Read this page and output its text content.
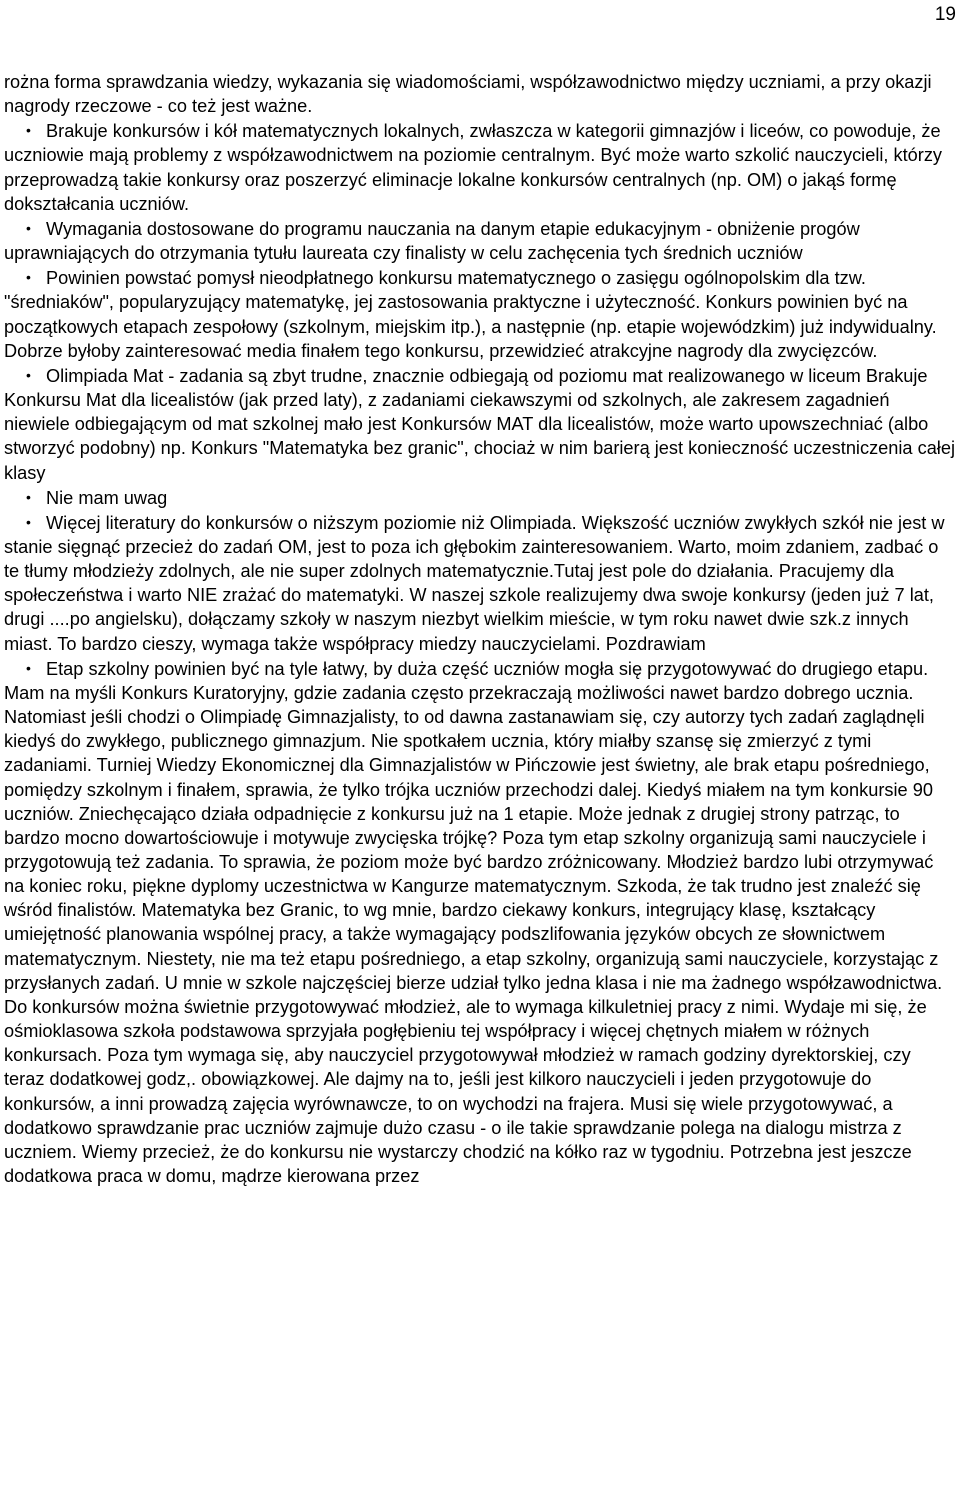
19

rożna forma sprawdzania wiedzy, wykazania się wiadomościami, współzawodnictwo między uczniami, a przy okazji nagrody rzeczowe - co też jest ważne.

• Brakuje konkursów i kół matematycznych lokalnych, zwłaszcza w kategorii gimnazjów i liceów, co powoduje, że uczniowie mają problemy z współzawodnictwem na poziomie centralnym. Być może warto szkolić nauczycieli, którzy przeprowadzą takie konkursy oraz poszerzyć eliminacje lokalne konkursów centralnych (np. OM) o jakąś formę dokształcania uczniów.

• Wymagania dostosowane do programu nauczania na danym etapie edukacyjnym - obniżenie progów uprawniających do otrzymania tytułu laureata czy finalisty w celu zachęcenia tych średnich uczniów

• Powinien powstać pomysł nieodpłatnego konkursu matematycznego o zasięgu ogólnopolskim dla tzw. "średniaków", popularyzujący matematykę, jej zastosowania praktyczne i użyteczność. Konkurs powinien być na początkowych etapach zespołowy (szkolnym, miejskim itp.), a następnie (np. etapie wojewódzkim) już indywidualny. Dobrze byłoby zainteresować media finałem tego konkursu, przewidzieć atrakcyjne nagrody dla zwycięzców.

• Olimpiada Mat - zadania są zbyt trudne, znacznie odbiegają od poziomu mat realizowanego w liceum Brakuje Konkursu Mat dla licealistów (jak przed laty), z zadaniami ciekawszymi od szkolnych, ale zakresem zagadnień niewiele odbiegającym od mat szkolnej mało jest Konkursów MAT dla licealistów, może warto upowszechniać (albo stworzyć podobny) np. Konkurs "Matematyka bez granic", chociaż w nim barierą jest konieczność uczestniczenia całej klasy

• Nie mam uwag

• Więcej literatury do konkursów o niższym poziomie niż Olimpiada. Większość uczniów zwykłych szkół nie jest w stanie sięgnąć przecież do zadań OM, jest to poza ich głębokim zainteresowaniem. Warto, moim zdaniem, zadbać o te tłumy młodzieży zdolnych, ale nie super zdolnych matematycznie.Tutaj jest pole do działania. Pracujemy dla społeczeństwa i warto NIE zrażać do matematyki. W naszej szkole realizujemy dwa swoje konkursy (jeden już 7 lat, drugi ....po angielsku), dołączamy szkoły w naszym niezbyt wielkim mieście, w tym roku nawet dwie szk.z innych miast. To bardzo cieszy, wymaga także współpracy miedzy nauczycielami. Pozdrawiam

• Etap szkolny powinien być na tyle łatwy, by duża część uczniów mogła się przygotowywać do drugiego etapu. Mam na myśli Konkurs Kuratoryjny, gdzie zadania często przekraczają możliwości nawet bardzo dobrego ucznia. Natomiast jeśli chodzi o Olimpiadę Gimnazjalisty, to od dawna zastanawiam się, czy autorzy tych zadań zaglądnęli kiedyś do zwykłego, publicznego gimnazjum. Nie spotkałem ucznia, który miałby szansę się zmierzyć z tymi zadaniami. Turniej Wiedzy Ekonomicznej dla Gimnazjalistów w Pińczowie jest świetny, ale brak etapu pośredniego, pomiędzy szkolnym i finałem, sprawia, że tylko trójka uczniów przechodzi dalej. Kiedyś miałem na tym konkursie 90 uczniów. Zniechęcająco działa odpadnięcie z konkursu już na 1 etapie. Może jednak z drugiej strony patrząc, to bardzo mocno dowartościowuje i motywuje zwycięska trójkę? Poza tym etap szkolny organizują sami nauczyciele i przygotowują też zadania. To sprawia, że poziom może być bardzo zróżnicowany. Młodzież bardzo lubi otrzymywać na koniec roku, piękne dyplomy uczestnictwa w Kangurze matematycznym. Szkoda, że tak trudno jest znaleźć się wśród finalistów. Matematyka bez Granic, to wg mnie, bardzo ciekawy konkurs, integrujący klasę, kształcący umiejętność planowania wspólnej pracy, a także wymagający podszlifowania języków obcych ze słownictwem matematycznym. Niestety, nie ma też etapu pośredniego, a etap szkolny, organizują sami nauczyciele, korzystając z przysłanych zadań. U mnie w szkole najczęściej bierze udział tylko jedna klasa i nie ma żadnego współzawodnictwa. Do konkursów można świetnie przygotowywać młodzież, ale to wymaga kilkuletniej pracy z nimi. Wydaje mi się, że ośmioklasowa szkoła podstawowa sprzyjała pogłębieniu tej współpracy i więcej chętnych miałem w różnych konkursach. Poza tym wymaga się, aby nauczyciel przygotowywał młodzież w ramach godziny dyrektorskiej, czy teraz dodatkowej godz,. obowiązkowej. Ale dajmy na to, jeśli jest kilkoro nauczycieli i jeden przygotowuje do konkursów, a inni prowadzą zajęcia wyrównawcze, to on wychodzi na frajera. Musi się wiele przygotowywać, a dodatkowo sprawdzanie prac uczniów zajmuje dużo czasu - o ile takie sprawdzanie polega na dialogu mistrza z uczniem. Wiemy przecież, że do konkursu nie wystarczy chodzić na kółko raz w tygodniu. Potrzebna jest jeszcze dodatkowa praca w domu, mądrze kierowana przez
